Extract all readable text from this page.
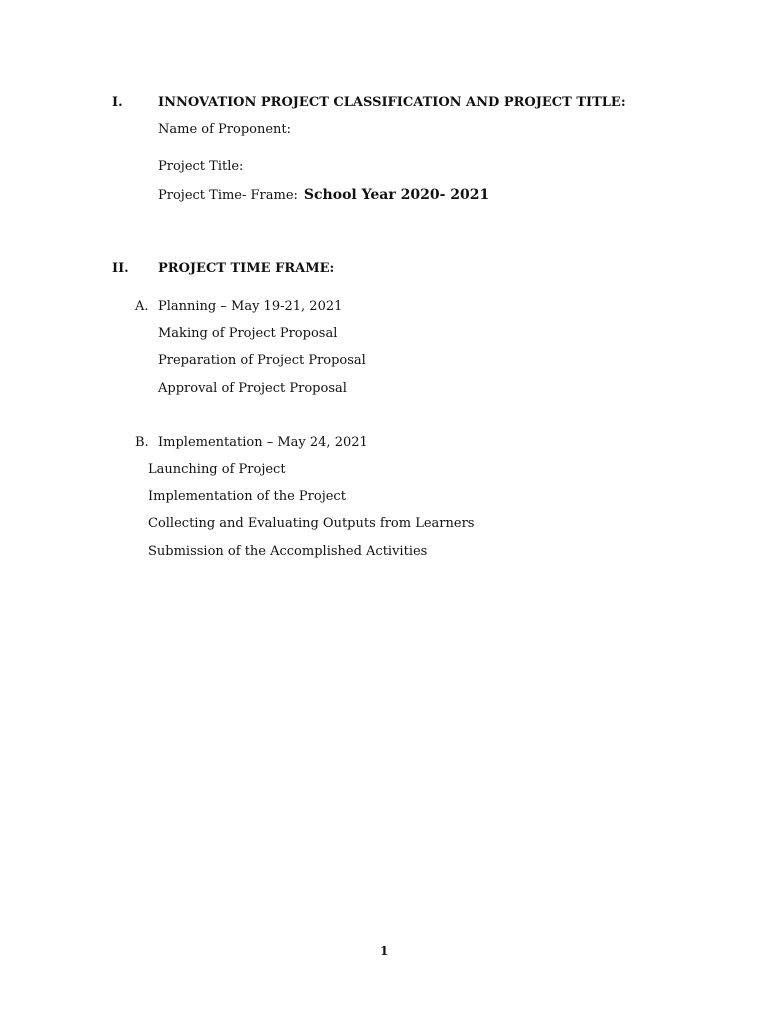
I.	INNOVATION PROJECT CLASSIFICATION AND PROJECT TITLE:
Name of Proponent:
Project Title:
Project Time- Frame: School Year 2020- 2021
II. PROJECT TIME FRAME:
A. Planning – May 19-21, 2021
Making of Project Proposal
Preparation of Project Proposal
Approval of Project Proposal
B. Implementation – May 24, 2021
Launching of Project
Implementation of the Project
Collecting and Evaluating Outputs from Learners
Submission of the Accomplished Activities
1
